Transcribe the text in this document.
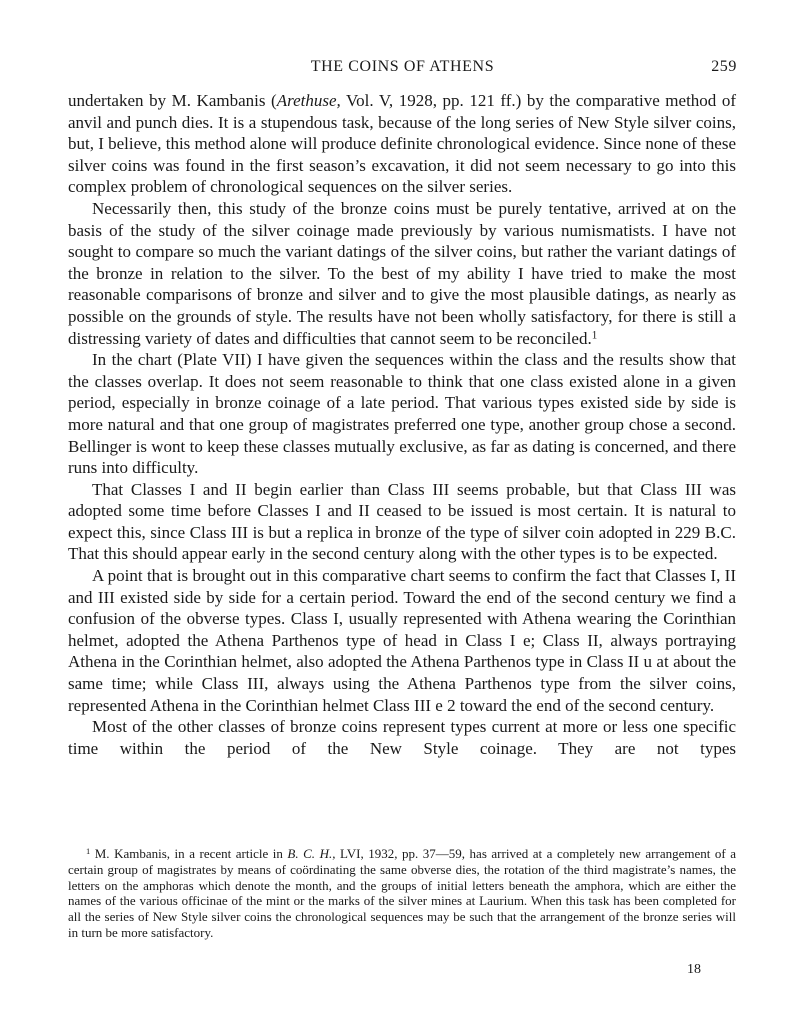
THE COINS OF ATHENS	259

undertaken by M. Kambanis (Arethuse, Vol. V, 1928, pp. 121 ff.) by the comparative method of anvil and punch dies. It is a stupendous task, because of the long series of New Style silver coins, but, I believe, this method alone will produce definite chronological evidence. Since none of these silver coins was found in the first season’s excavation, it did not seem necessary to go into this complex problem of chronological sequences on the silver series.

Necessarily then, this study of the bronze coins must be purely tentative, arrived at on the basis of the study of the silver coinage made previously by various numismatists. I have not sought to compare so much the variant datings of the silver coins, but rather the variant datings of the bronze in relation to the silver. To the best of my ability I have tried to make the most reasonable comparisons of bronze and silver and to give the most plausible datings, as nearly as possible on the grounds of style. The results have not been wholly satisfactory, for there is still a distressing variety of dates and difficulties that cannot seem to be reconciled.$^1$

In the chart (Plate VII) I have given the sequences within the class and the results show that the classes overlap. It does not seem reasonable to think that one class existed alone in a given period, especially in bronze coinage of a late period. That various types existed side by side is more natural and that one group of magistrates preferred one type, another group chose a second. Bellinger is wont to keep these classes mutually exclusive, as far as dating is concerned, and there runs into difficulty.

That Classes I and II begin earlier than Class III seems probable, but that Class III was adopted some time before Classes I and II ceased to be issued is most certain. It is natural to expect this, since Class III is but a replica in bronze of the type of silver coin adopted in 229 B.C. That this should appear early in the second century along with the other types is to be expected.

A point that is brought out in this comparative chart seems to confirm the fact that Classes I, II and III existed side by side for a certain period. Toward the end of the second century we find a confusion of the obverse types. Class I, usually represented with Athena wearing the Corinthian helmet, adopted the Athena Parthenos type of head in Class I e; Class II, always portraying Athena in the Corinthian helmet, also adopted the Athena Parthenos type in Class II u at about the same time; while Class III, always using the Athena Parthenos type from the silver coins, represented Athena in the Corinthian helmet Class III e 2 toward the end of the second century.

Most of the other classes of bronze coins represent types current at more or less one specific time within the period of the New Style coinage. They are not types

$^1$ M. Kambanis, in a recent article in B. C. H., LVI, 1932, pp. 37—59, has arrived at a completely new arrangement of a certain group of magistrates by means of coördinating the same obverse dies, the rotation of the third magistrate’s names, the letters on the amphoras which denote the month, and the groups of initial letters beneath the amphora, which are either the names of the various officinae of the mint or the marks of the silver mines at Laurium. When this task has been completed for all the series of New Style silver coins the chronological sequences may be such that the arrangement of the bronze series will in turn be more satisfactory.

18
